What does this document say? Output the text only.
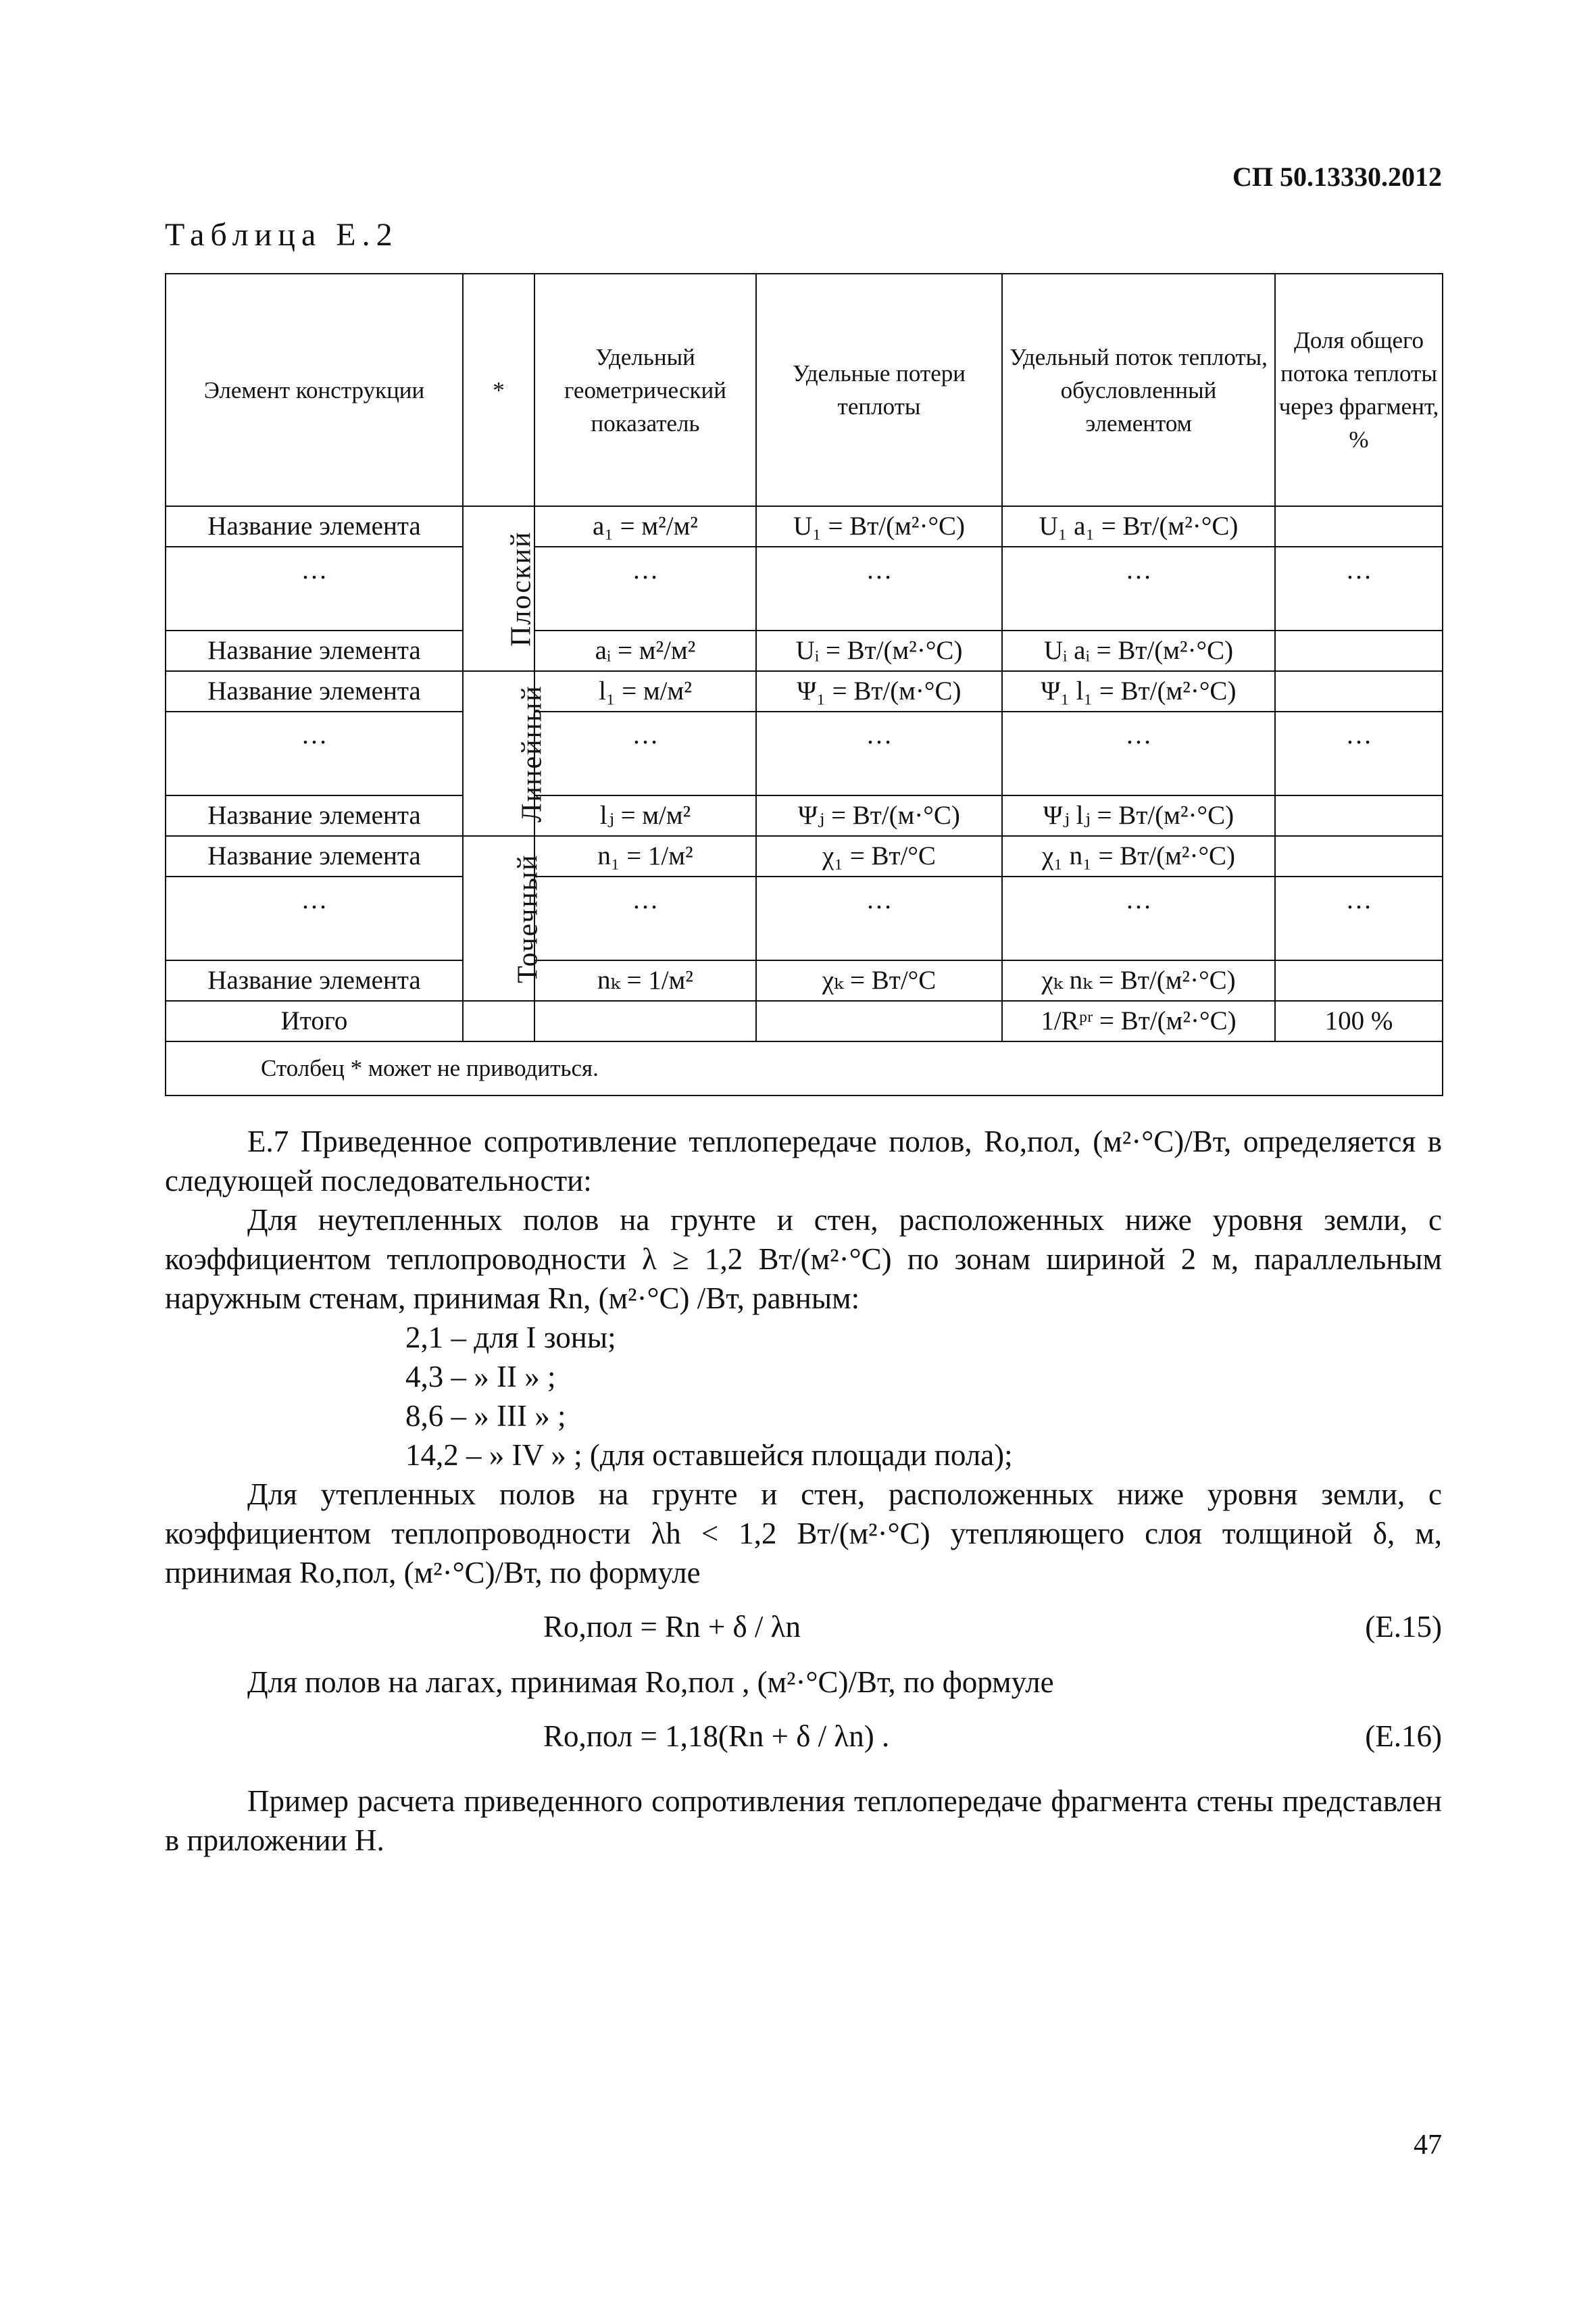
СП 50.13330.2012
Таблица Е.2
Элемент конструкции	*	Удельный геометрический показатель	Удельные потери теплоты	Удельный поток теплоты, обусловленный элементом	Доля общего потока теплоты через фрагмент, %
Название элемента	Плоский	a₁ = м²/м²	U₁ = Вт/(м²·°С)	U₁ a₁ = Вт/(м²·°С)	
…		…	…	…	…
Название элемента		aᵢ = м²/м²	Uᵢ = Вт/(м²·°С)	Uᵢ aᵢ = Вт/(м²·°С)	
Название элемента	Линейный	l₁ = м/м²	Ψ₁ = Вт/(м·°С)	Ψ₁ l₁ = Вт/(м²·°С)	
…		…	…	…	…
Название элемента		lⱼ = м/м²	Ψⱼ = Вт/(м·°С)	Ψⱼ lⱼ = Вт/(м²·°С)	
Название элемента	Точечный	n₁ = 1/м²	χ₁ = Вт/°С	χ₁ n₁ = Вт/(м²·°С)	
…		…	…	…	…
Название элемента		nₖ = 1/м²	χₖ = Вт/°С	χₖ nₖ = Вт/(м²·°С)	
Итого				1/Rᵖʳ = Вт/(м²·°С)	100 %
Столбец * может не приводиться.					

Е.7 Приведенное сопротивление теплопередаче полов, Rо,пол, (м²·°С)/Вт, определяется в следующей последовательности:

Для неутепленных полов на грунте и стен, расположенных ниже уровня земли, с коэффициентом теплопроводности λ ≥ 1,2 Вт/(м²·°С) по зонам шириной 2 м, параллельным наружным стенам, принимая Rn, (м²·°С) /Вт, равным:

2,1 – для I зоны;
4,3 – » II » ;
8,6 – » III » ;
14,2 – » IV » ; (для оставшейся площади пола);

Для утепленных полов на грунте и стен, расположенных ниже уровня земли, с коэффициентом теплопроводности λh < 1,2 Вт/(м²·°С) утепляющего слоя толщиной δ, м, принимая Rо,пол, (м²·°С)/Вт, по формуле

Rо,пол = Rn + δ / λn	(Е.15)

Для полов на лагах, принимая Rо,пол , (м²·°С)/Вт, по формуле

Rо,пол = 1,18(Rn + δ / λn) .	(Е.16)

Пример расчета приведенного сопротивления теплопередаче фрагмента стены представлен в приложении Н.

47
